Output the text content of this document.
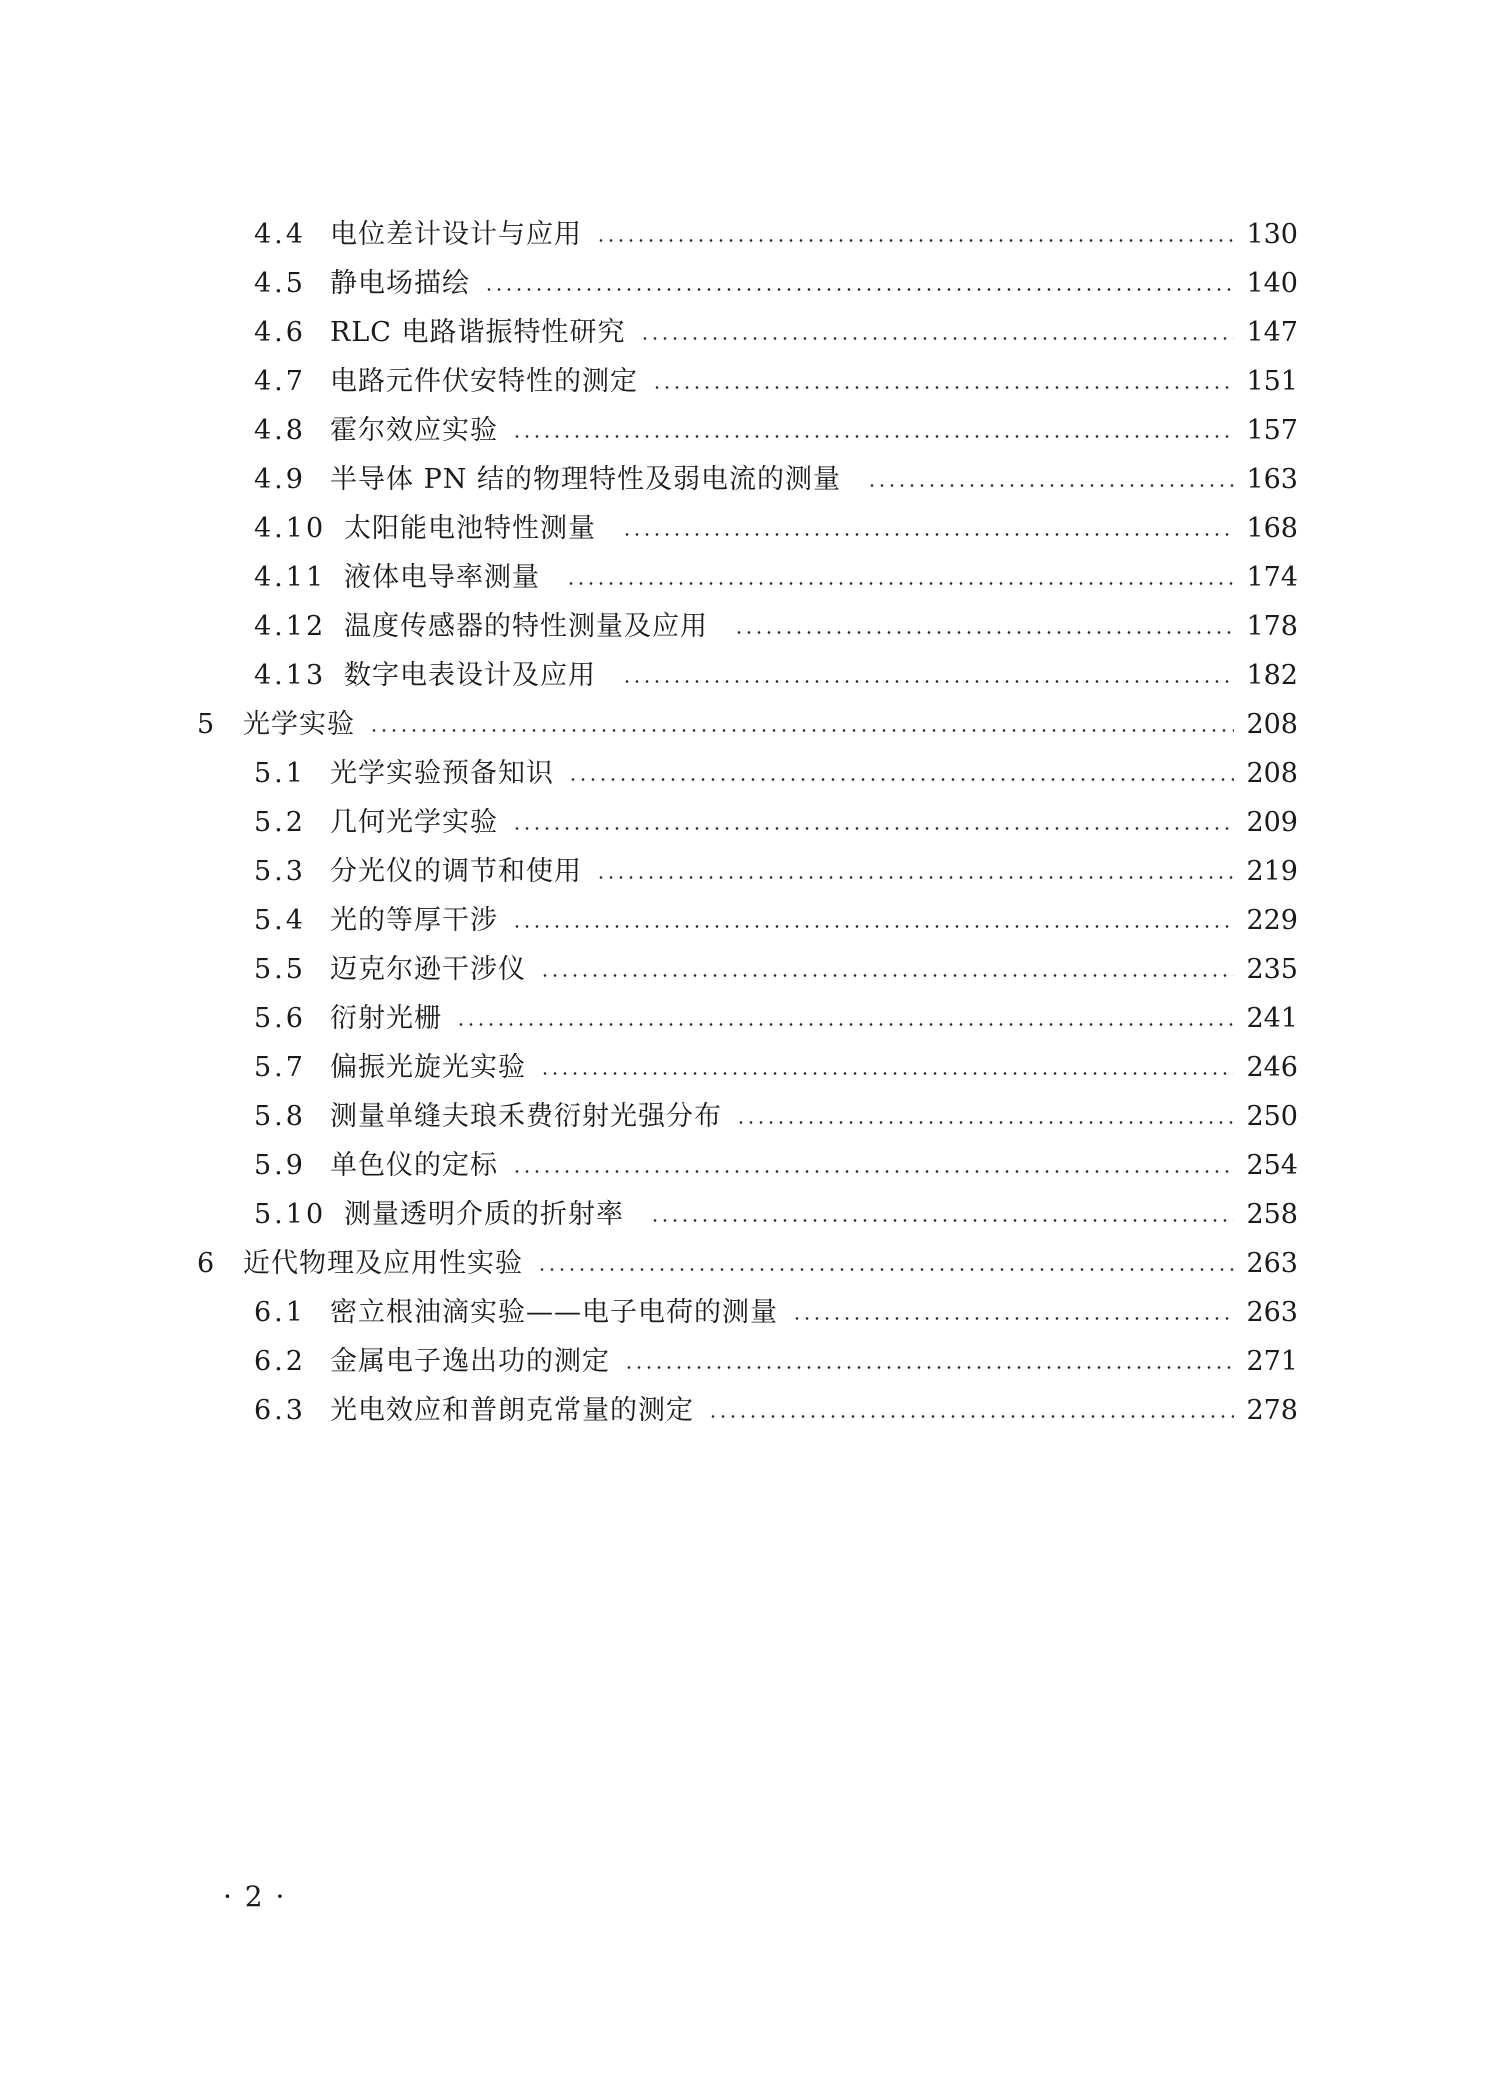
4.4 电位差计设计与应用	130
4.5 静电场描绘	140
4.6 RLC 电路谐振特性研究	147
4.7 电路元件伏安特性的测定	151
4.8 霍尔效应实验	157
4.9 半导体 PN 结的物理特性及弱电流的测量	163
4.10 太阳能电池特性测量	168
4.11 液体电导率测量	174
4.12 温度传感器的特性测量及应用	178
4.13 数字电表设计及应用	182
5 光学实验	208
5.1 光学实验预备知识	208
5.2 几何光学实验	209
5.3 分光仪的调节和使用	219
5.4 光的等厚干涉	229
5.5 迈克尔逊干涉仪	235
5.6 衍射光栅	241
5.7 偏振光旋光实验	246
5.8 测量单缝夫琅禾费衍射光强分布	250
5.9 单色仪的定标	254
5.10 测量透明介质的折射率	258
6 近代物理及应用性实验	263
6.1 密立根油滴实验——电子电荷的测量	263
6.2 金属电子逸出功的测定	271
6.3 光电效应和普朗克常量的测定	278
· 2 ·
